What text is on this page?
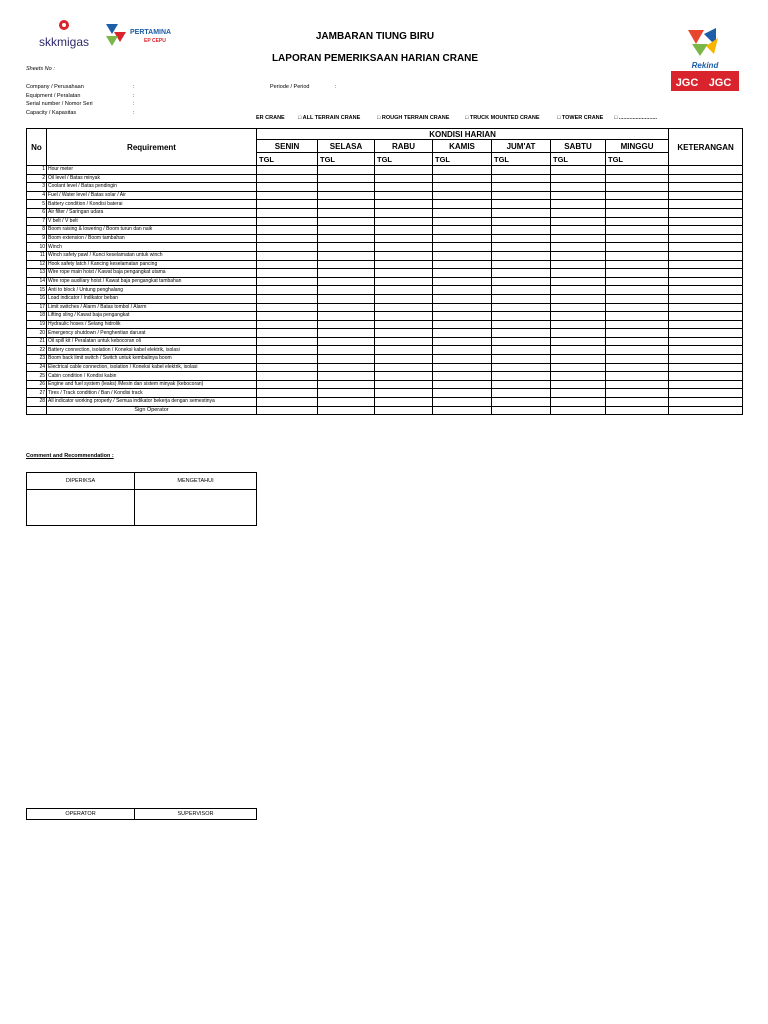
skkmigas
PERTAMINA
EP CEPU
Rekind
JGC JGC
JAMBARAN TIUNG BIRU
LAPORAN PEMERIKSAAN HARIAN CRANE
Sheets No :
Company / Perusahaan	:
Equipment / Peralatan	:
Serial number / Nomor Seri	:
Capacity / Kapasitas	:
Periode / Period	:
ER CRANE □ ALL TERRAIN CRANE	□ ROUGH TERRAIN CRANE	□ TRUCK MOUNTED CRANE	□ TOWER CRANE □ .........................
No	Requirement	KONDISI HARIAN							KETERANGAN
		SENIN	SELASA	RABU	KAMIS	JUM'AT	SABTU	MINGGU	
		TGL	TGL	TGL	TGL	TGL	TGL	TGL	
1	Hour meter								
2	Oil level / Batas minyak								
3	Coolant level / Batas pendingin								
4	Fuel / Water level / Batas solar / Air								
5	Battery condition / Kondisi baterai								
6	Air filter / Saringan udara								
7	V belt / V belt								
8	Boom raising & lowering / Boom turun dan naik								
9	Boom extension / Boom tambahan								
10	Winch								
11	Winch safety pawl / Kunci keselamatan untuk winch								
12	Hook safety latch / Kancing keselamatan pancing								
13	Wire rope main hoist / Kawat baja pengangkat utama								
14	Wire rope auxiliary hoist / Kawat baja pengangkat tambahan								
15	Anti to block / Untung penghalang								
16	Load indicator / Indikator beban								
17	Limit switches / Alarm / Batas tombol / Alarm								
18	Lifting sling / Kawat baja pengangkat								
19	Hydraulic hoses / Selang hidrolik								
20	Emergency shutdown / Penghentian darurat								
21	Oil spill kit / Peralatan untuk kebocoran oli								
22	Battery connection, isolation / Koneksi kabel elektrik, isolasi								
23	Boom back limit switch / Switch untuk kembalinya boom								
24	Electrical cable connection, isolation / Koneksi kabel elektrik, isolasi								
25	Cabin condition / Kondisi kabin								
26	Engine and fuel system (leaks) /Mesin dan sistem minyak (kebocoran)								
27	Tires / Track condition / Ban / Kondisi track								
28	All indicator working properly / Semua indikator bekerja dengan semestinya								
	Sign Operator								
Comment and Recommendation :
DIPERIKSA	MENGETAHUI

OPERATOR	SUPERVISOR
